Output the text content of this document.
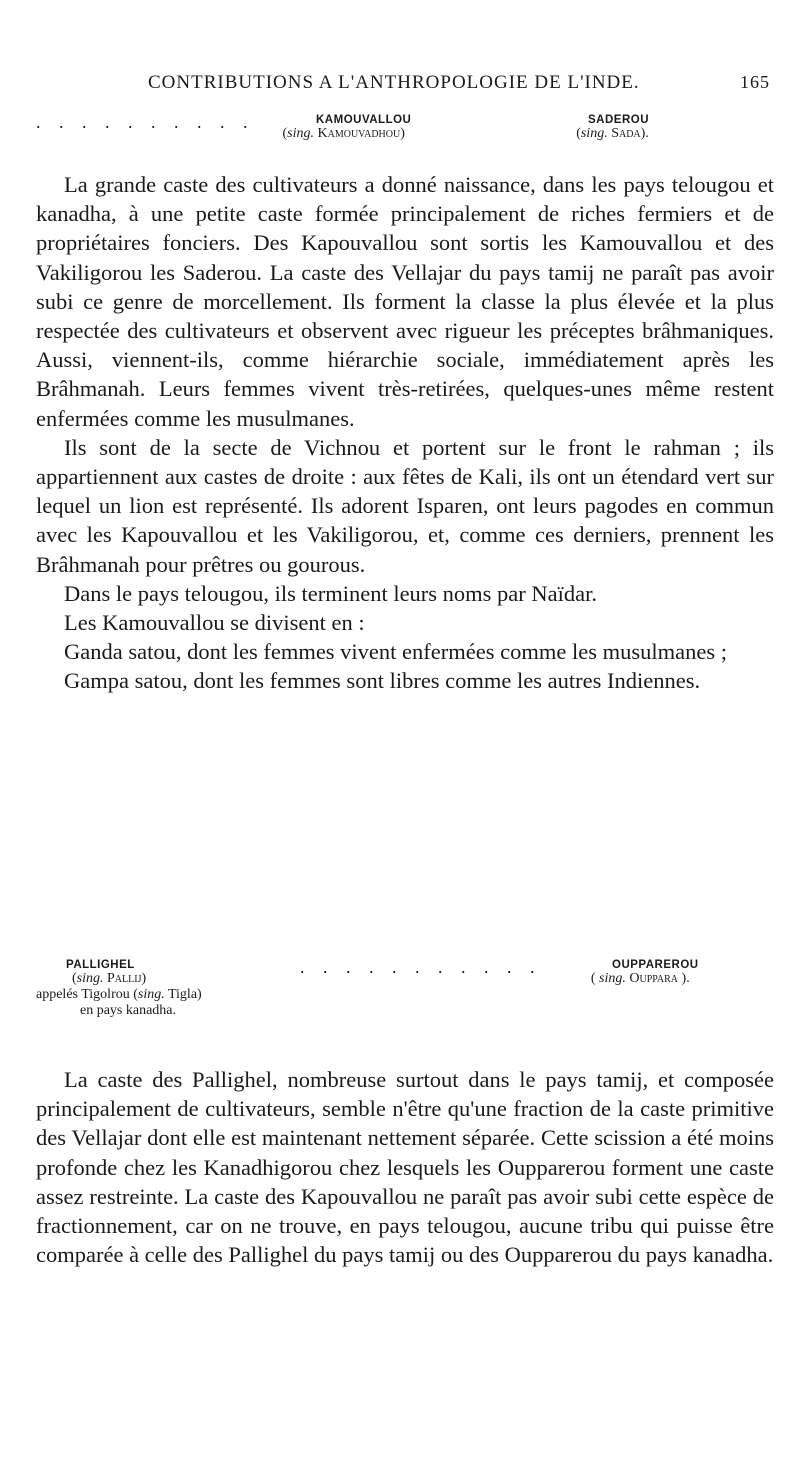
CONTRIBUTIONS A L'ANTHROPOLOGIE DE L'INDE.	165
. . . . . . . . . .	KAMOUVALLOU
(sing. Kamouvadhou)
SADEROU
(sing. Sada).

La grande caste des cultivateurs a donné naissance, dans les pays telougou et kanadha, à une petite caste formée principalement de riches fermiers et de propriétaires fonciers. Des Kapouvallou sont sortis les Kamouvallou et des Vakiligorou les Saderou. La caste des Vellajar du pays tamij ne paraît pas avoir subi ce genre de morcellement. Ils forment la classe la plus élevée et la plus respectée des cultivateurs et observent avec rigueur les préceptes brâhmaniques. Aussi, viennent-ils, comme hiérarchie sociale, immédiatement après les Brâhmanah. Leurs femmes vivent très-retirées, quelques-unes même restent enfermées comme les musulmanes.

Ils sont de la secte de Vichnou et portent sur le front le rahman ; ils appartiennent aux castes de droite : aux fêtes de Kali, ils ont un étendard vert sur lequel un lion est représenté. Ils adorent Isparen, ont leurs pagodes en commun avec les Kapouvallou et les Vakiligorou, et, comme ces derniers, prennent les Brâhmanah pour prêtres ou gourous.

Dans le pays telougou, ils terminent leurs noms par Naïdar.

Les Kamouvallou se divisent en :

Ganda satou, dont les femmes vivent enfermées comme les musulmanes ;

Gampa satou, dont les femmes sont libres comme les autres Indiennes.

PALLIGHEL
(sing. Pallij)
appelés Tigolrou (sing. Tigla)
en pays kanadha.
. . . . . . . . . . .	OUPPAREROU
( sing. Ouppara ).

La caste des Pallighel, nombreuse surtout dans le pays tamij, et composée principalement de cultivateurs, semble n'être qu'une fraction de la caste primitive des Vellajar dont elle est maintenant nettement séparée. Cette scission a été moins profonde chez les Kanadhigorou chez lesquels les Oupparerou forment une caste assez restreinte. La caste des Kapouvallou ne paraît pas avoir subi cette espèce de fractionnement, car on ne trouve, en pays telougou, aucune tribu qui puisse être comparée à celle des Pallighel du pays tamij ou des Oupparerou du pays kanadha.
